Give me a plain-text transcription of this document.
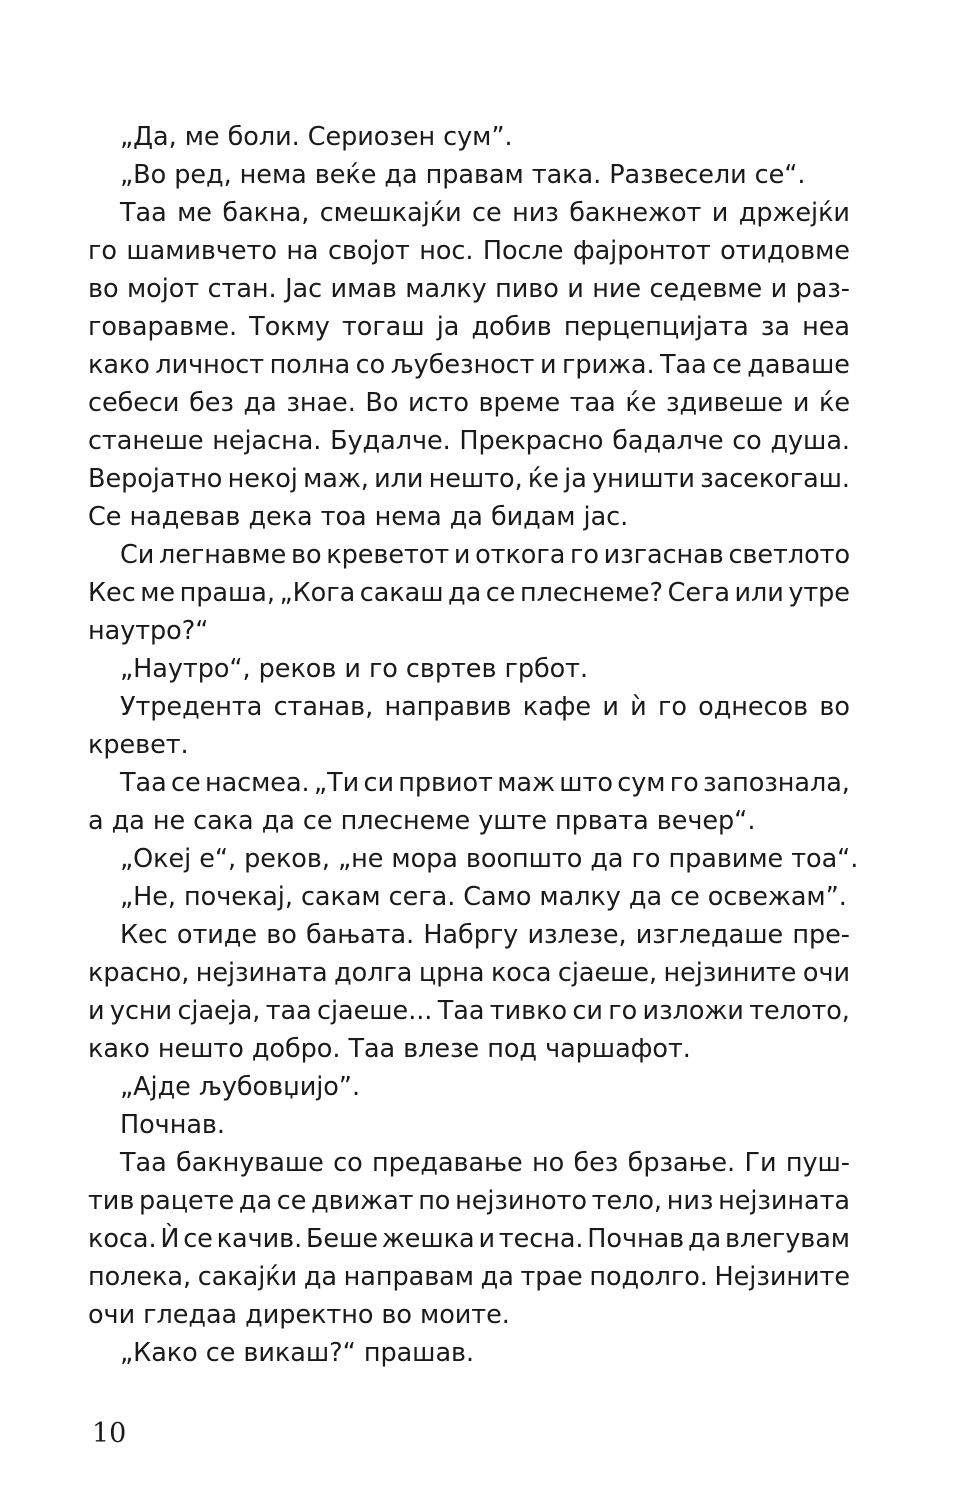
„Да, ме боли. Сериозен сум”.
„Во ред, нема веќе да правам така. Развесели се“.
Таа ме бакна, смешкајќи се низ бакнежот и држејќи
го шамивчето на својот нос. После фајронтот отидовме
во мојот стан. Јас имав малку пиво и ние седевме и раз-
говаравме. Токму тогаш ја добив перцепцијата за неа
како личност полна со љубезност и грижа. Таа се даваше
себеси без да знае. Во исто време таа ќе здивеше и ќе
станеше нејасна. Будалче. Прекрасно бадалче со душа.
Веројатно некој маж, или нешто, ќе ја уништи засекогаш.
Се надевав дека тоа нема да бидам јас.
Си легнавме во креветот и откога го изгаснав светлото
Кес ме праша, „Кога сакаш да се плеснеме? Сега или утре
наутро?“
„Наутро“, реков и го свртев грбот.
Утредента станав, направив кафе и ѝ го однесов во
кревет.
Таа се насмеа. „Ти си првиот маж што сум го запознала,
а да не сака да се плеснеме уште првата вечер“.
„Океј е“, реков, „не мора воопшто да го правиме тоа“.
„Не, почекај, сакам сега. Само малку да се освежам”.
Кес отиде во бањата. Набргу излезе, изгледаше пре-
красно, нејзината долга црна коса сјаеше, нејзините очи
и усни сјаеја, таа сјаеше... Таа тивко си го изложи телото,
како нешто добро. Таа влезе под чаршафот.
„Ајде љубовџијо”.
Почнав.
Таа бакнуваше со предавање но без брзање. Ги пуш-
тив рацете да се движат по нејзиното тело, низ нејзината
коса. Ѝ се качив. Беше жешка и тесна. Почнав да влегувам
полека, сакајќи да направам да трае подолго. Нејзините
очи гледаа директно во моите.
„Како се викаш?“ прашав.
10
